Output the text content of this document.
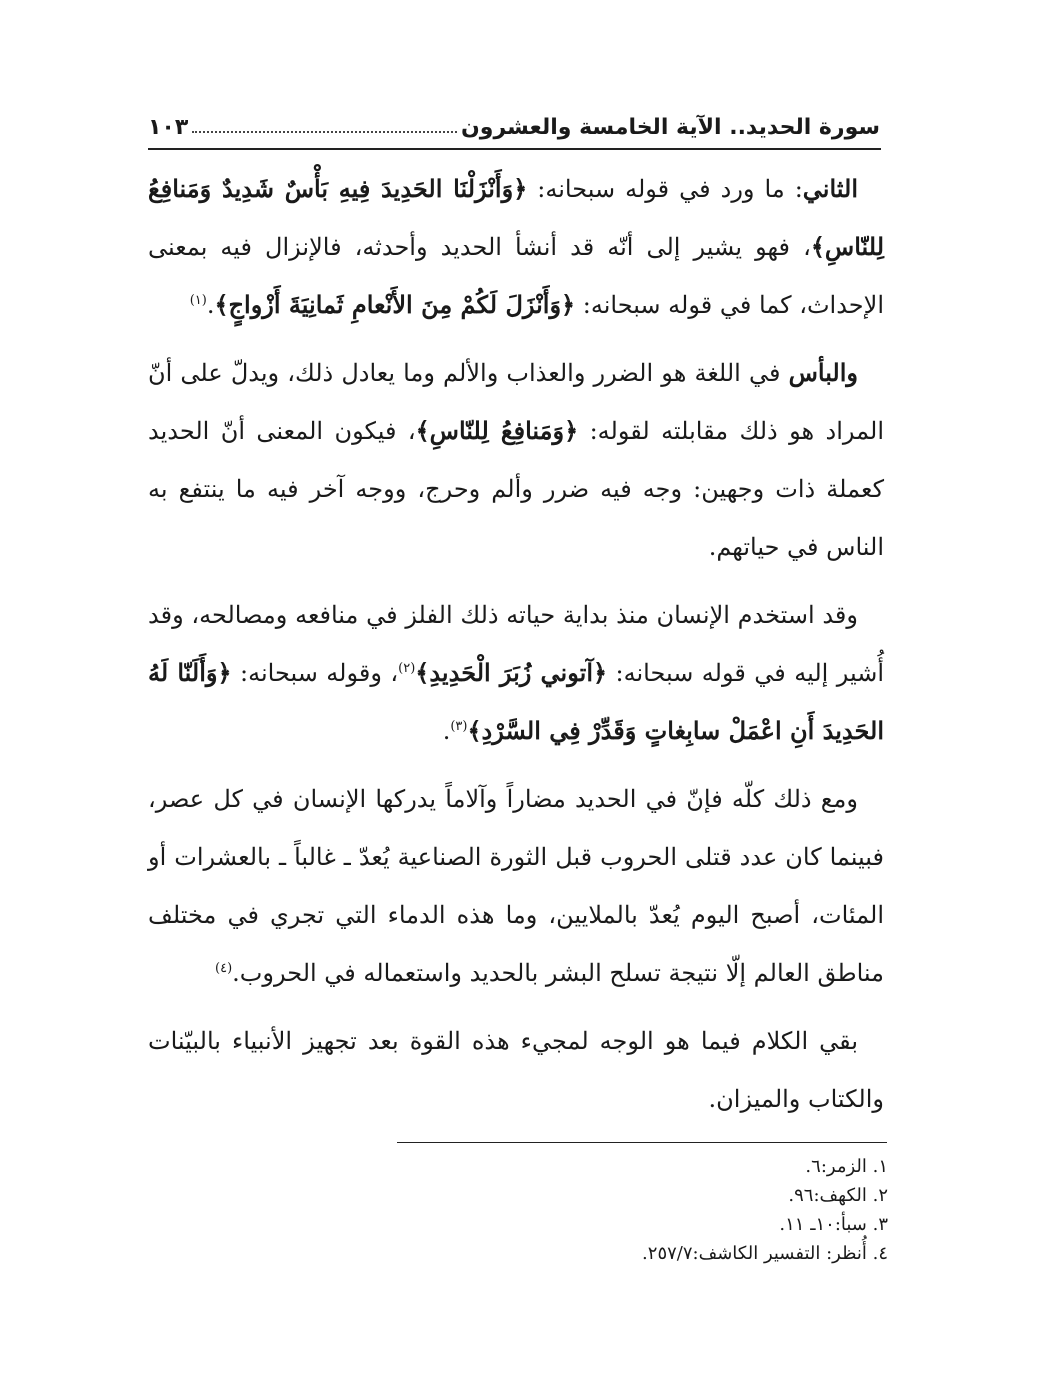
سورة الحديد.. الآية الخامسة والعشرون
١٠٣

الثاني: ما ورد في قوله سبحانه: ﴿وَأَنْزَلْنَا الحَدِيدَ فِيهِ بَأْسٌ شَدِيدٌ وَمَنافِعُ لِلنّاسِ﴾، فهو يشير إلى أنّه قد أنشأ الحديد وأحدثه، فالإنزال فيه بمعنى الإحداث، كما في قوله سبحانه: ﴿وَأَنْزَلَ لَكُمْ مِنَ الأَنْعامِ ثَمانِيَةَ أَزْواجٍ﴾.$^{(١)}$

والبأس في اللغة هو الضرر والعذاب والألم وما يعادل ذلك، ويدلّ على أنّ المراد هو ذلك مقابلته لقوله: ﴿وَمَنافِعُ لِلنّاسِ﴾، فيكون المعنى أنّ الحديد كعملة ذات وجهين: وجه فيه ضرر وألم وحرج، ووجه آخر فيه ما ينتفع به الناس في حياتهم.

وقد استخدم الإنسان منذ بداية حياته ذلك الفلز في منافعه ومصالحه، وقد أُشير إليه في قوله سبحانه: ﴿آتوني زُبَرَ الْحَدِيدِ﴾$^{(٢)}$، وقوله سبحانه: ﴿وَأَلَنّا لَهُ الحَدِيدَ أَنِ اعْمَلْ سابِغاتٍ وَقَدِّرْ فِي السَّرْدِ﴾$^{(٣)}$.

ومع ذلك كلّه فإنّ في الحديد مضاراً وآلاماً يدركها الإنسان في كل عصر، فبينما كان عدد قتلى الحروب قبل الثورة الصناعية يُعدّ ـ غالباً ـ بالعشرات أو المئات، أصبح اليوم يُعدّ بالملايين، وما هذه الدماء التي تجري في مختلف مناطق العالم إلّا نتيجة تسلح البشر بالحديد واستعماله في الحروب.$^{(٤)}$

بقي الكلام فيما هو الوجه لمجيء هذه القوة بعد تجهيز الأنبياء بالبيّنات والكتاب والميزان.

١. الزمر:٦.
٢. الكهف:٩٦.
٣. سبأ:١٠ـ ١١.
٤. أُنظر: التفسير الكاشف:٢٥٧/٧.
